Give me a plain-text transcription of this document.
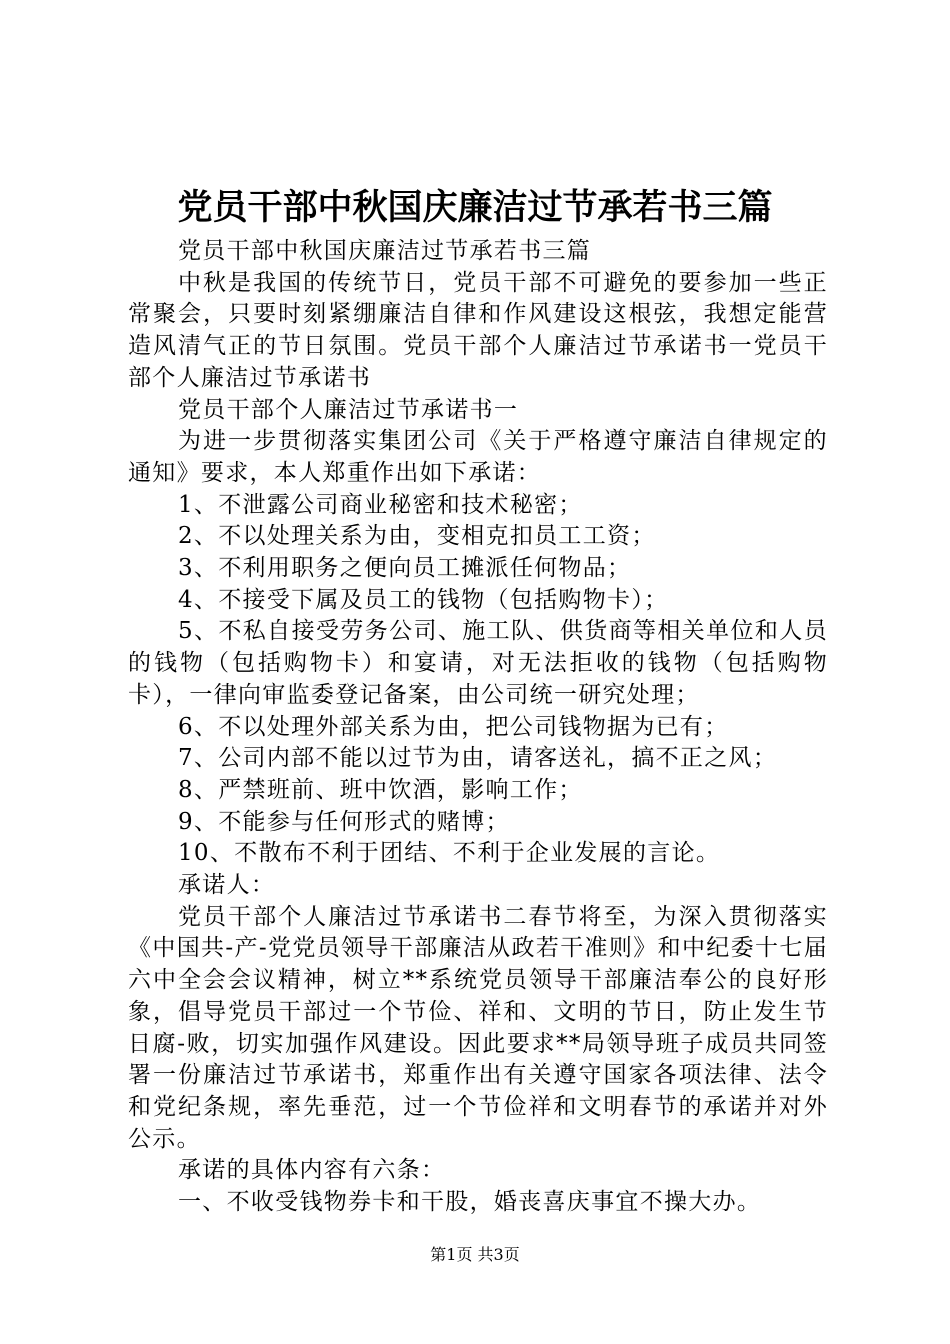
党员干部中秋国庆廉洁过节承若书三篇

党员干部中秋国庆廉洁过节承若书三篇

中秋是我国的传统节日，党员干部不可避免的要参加一些正常聚会，只要时刻紧绷廉洁自律和作风建设这根弦，我想定能营造风清气正的节日氛围。党员干部个人廉洁过节承诺书一党员干部个人廉洁过节承诺书

党员干部个人廉洁过节承诺书一

为进一步贯彻落实集团公司《关于严格遵守廉洁自律规定的通知》要求，本人郑重作出如下承诺：

1、不泄露公司商业秘密和技术秘密；

2、不以处理关系为由，变相克扣员工工资；

3、不利用职务之便向员工摊派任何物品；

4、不接受下属及员工的钱物（包括购物卡）；

5、不私自接受劳务公司、施工队、供货商等相关单位和人员的钱物（包括购物卡）和宴请，对无法拒收的钱物（包括购物卡），一律向审监委登记备案，由公司统一研究处理；

6、不以处理外部关系为由，把公司钱物据为已有；

7、公司内部不能以过节为由，请客送礼，搞不正之风；

8、严禁班前、班中饮酒，影响工作；

9、不能参与任何形式的赌博；

10、不散布不利于团结、不利于企业发展的言论。

承诺人：

党员干部个人廉洁过节承诺书二春节将至，为深入贯彻落实《中国共-产-党党员领导干部廉洁从政若干准则》和中纪委十七届六中全会会议精神，树立**系统党员领导干部廉洁奉公的良好形象，倡导党员干部过一个节俭、祥和、文明的节日，防止发生节日腐-败，切实加强作风建设。因此要求**局领导班子成员共同签署一份廉洁过节承诺书，郑重作出有关遵守国家各项法律、法令和党纪条规，率先垂范，过一个节俭祥和文明春节的承诺并对外公示。

承诺的具体内容有六条：

一、不收受钱物券卡和干股，婚丧喜庆事宜不操大办。

第1页 共3页
